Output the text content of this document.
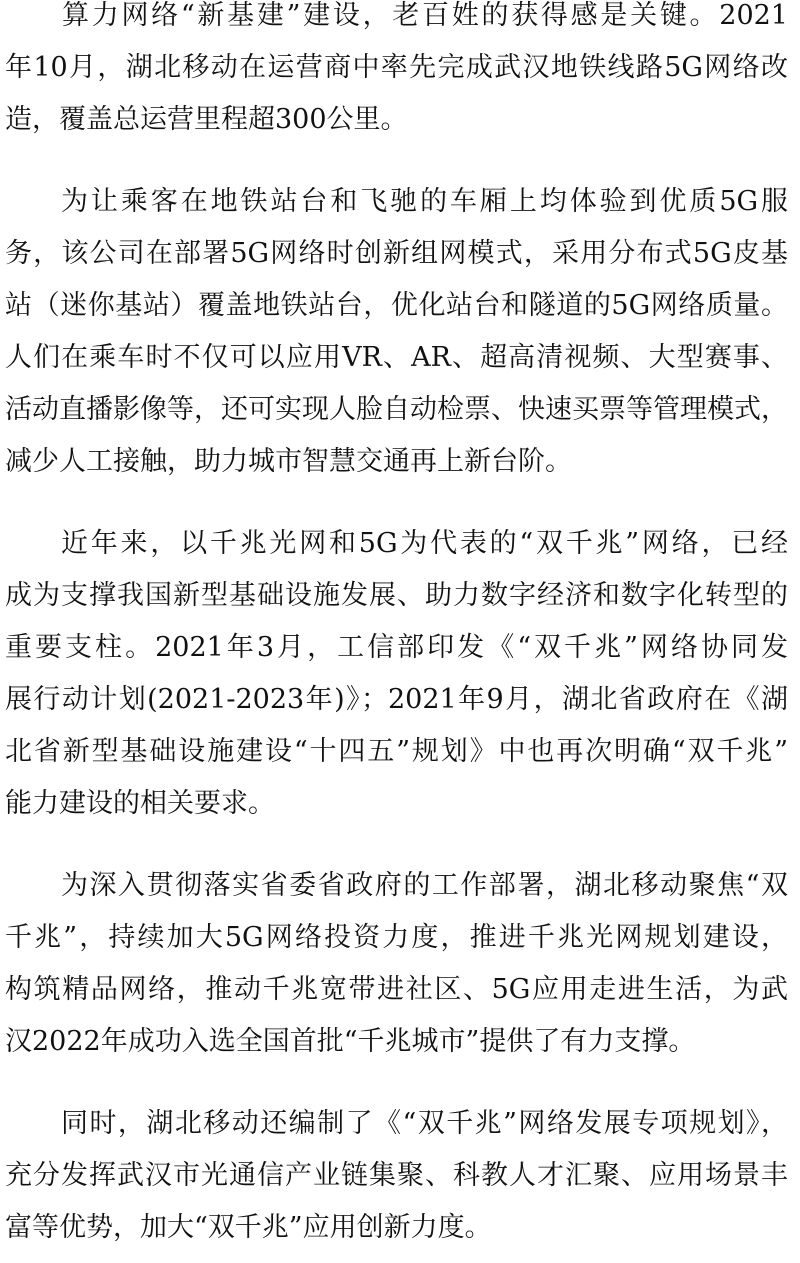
算力网络“新基建”建设，老百姓的获得感是关键。2021
年10月，湖北移动在运营商中率先完成武汉地铁线路5G网络改
造，覆盖总运营里程超300公里。
为让乘客在地铁站台和飞驰的车厢上均体验到优质5G服
务，该公司在部署5G网络时创新组网模式，采用分布式5G皮基
站（迷你基站）覆盖地铁站台，优化站台和隧道的5G网络质量。
人们在乘车时不仅可以应用VR、AR、超高清视频、大型赛事、
活动直播影像等，还可实现人脸自动检票、快速买票等管理模式，
减少人工接触，助力城市智慧交通再上新台阶。
近年来，以千兆光网和5G为代表的“双千兆”网络，已经
成为支撑我国新型基础设施发展、助力数字经济和数字化转型的
重要支柱。2021年3月，工信部印发《“双千兆”网络协同发
展行动计划(2021-2023年)》；2021年9月，湖北省政府在《湖
北省新型基础设施建设“十四五”规划》中也再次明确“双千兆”
能力建设的相关要求。
为深入贯彻落实省委省政府的工作部署，湖北移动聚焦“双
千兆”，持续加大5G网络投资力度，推进千兆光网规划建设，
构筑精品网络，推动千兆宽带进社区、5G应用走进生活，为武
汉2022年成功入选全国首批“千兆城市”提供了有力支撑。
同时，湖北移动还编制了《“双千兆”网络发展专项规划》，
充分发挥武汉市光通信产业链集聚、科教人才汇聚、应用场景丰
富等优势，加大“双千兆”应用创新力度。
